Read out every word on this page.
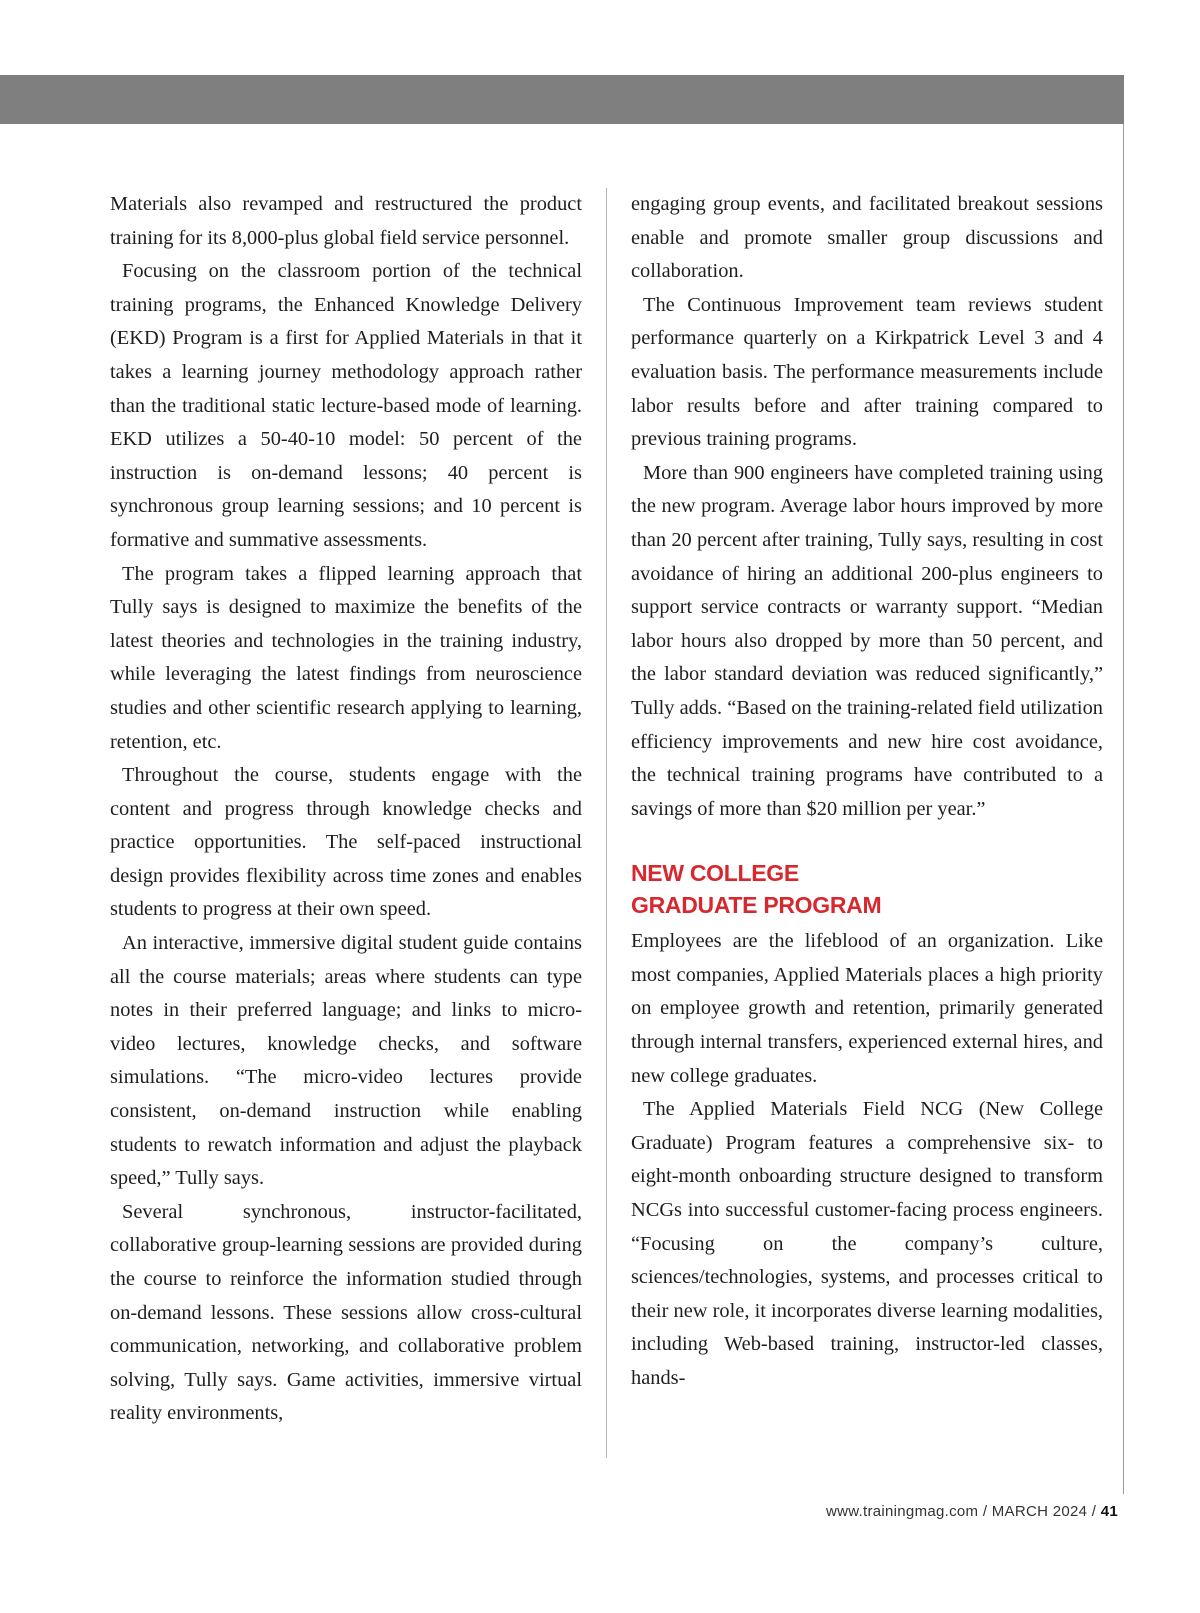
Materials also revamped and restructured the product training for its 8,000-plus global field service personnel.

Focusing on the classroom portion of the technical training programs, the Enhanced Knowledge Delivery (EKD) Program is a first for Applied Materials in that it takes a learning journey methodology approach rather than the traditional static lecture-based mode of learning. EKD utilizes a 50-40-10 model: 50 percent of the instruction is on-demand lessons; 40 percent is synchronous group learning sessions; and 10 percent is formative and summative assessments.

The program takes a flipped learning approach that Tully says is designed to maximize the benefits of the latest theories and technologies in the training industry, while leveraging the latest findings from neuroscience studies and other scientific research applying to learning, retention, etc.

Throughout the course, students engage with the content and progress through knowledge checks and practice opportunities. The self-paced instructional design provides flexibility across time zones and enables students to progress at their own speed.

An interactive, immersive digital student guide contains all the course materials; areas where students can type notes in their preferred language; and links to micro-video lectures, knowledge checks, and software simulations. “The micro-video lectures provide consistent, on-demand instruction while enabling students to rewatch information and adjust the playback speed,” Tully says.

Several synchronous, instructor-facilitated, collaborative group-learning sessions are provided during the course to reinforce the information studied through on-demand lessons. These sessions allow cross-cultural communication, networking, and collaborative problem solving, Tully says. Game activities, immersive virtual reality environments,

engaging group events, and facilitated breakout sessions enable and promote smaller group discussions and collaboration.

The Continuous Improvement team reviews student performance quarterly on a Kirkpatrick Level 3 and 4 evaluation basis. The performance measurements include labor results before and after training compared to previous training programs.

More than 900 engineers have completed training using the new program. Average labor hours improved by more than 20 percent after training, Tully says, resulting in cost avoidance of hiring an additional 200-plus engineers to support service contracts or warranty support. “Median labor hours also dropped by more than 50 percent, and the labor standard deviation was reduced significantly,” Tully adds. “Based on the training-related field utilization efficiency improvements and new hire cost avoidance, the technical training programs have contributed to a savings of more than $20 million per year.”

NEW COLLEGE
GRADUATE PROGRAM

Employees are the lifeblood of an organization. Like most companies, Applied Materials places a high priority on employee growth and retention, primarily generated through internal transfers, experienced external hires, and new college graduates.

The Applied Materials Field NCG (New College Graduate) Program features a comprehensive six- to eight-month onboarding structure designed to transform NCGs into successful customer-facing process engineers. “Focusing on the company’s culture, sciences/technologies, systems, and processes critical to their new role, it incorporates diverse learning modalities, including Web-based training, instructor-led classes, hands-

www.trainingmag.com / MARCH 2024 / 41
